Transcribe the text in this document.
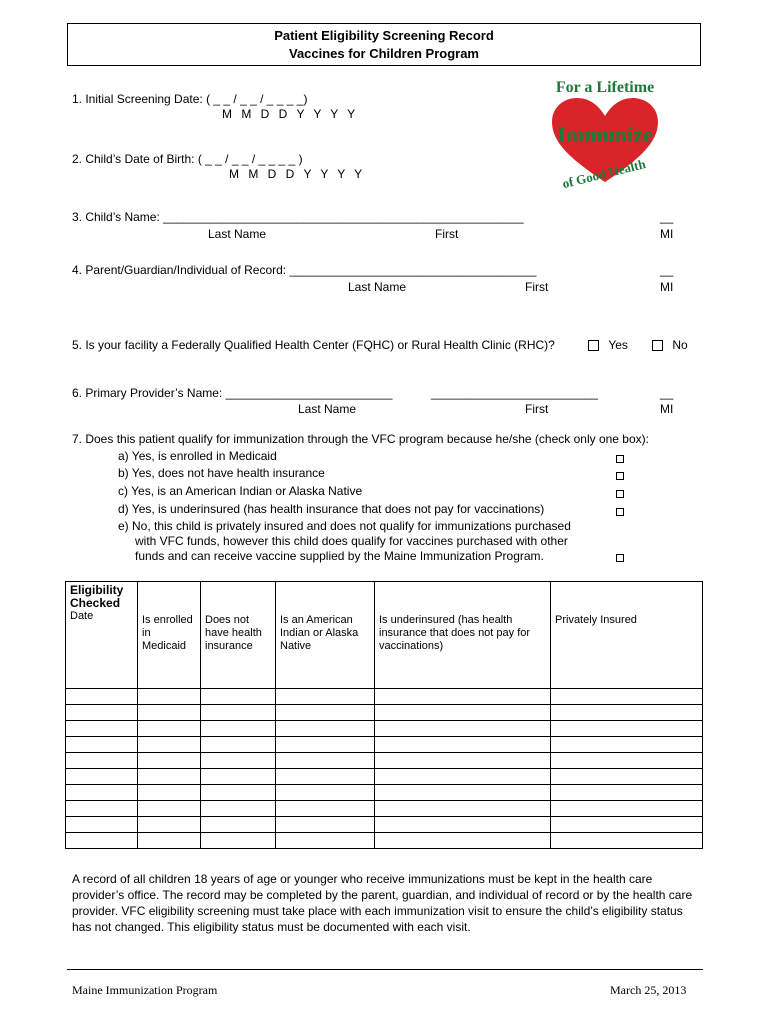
Patient Eligibility Screening Record
Vaccines for Children Program
Immunize
For a Lifetime
of Good Health
1. Initial Screening Date: ( _ _ / _ _ / _ _ _ _)
M M D D Y Y Y Y
2. Child’s Date of Birth: ( _ _ / _ _ / _ _ _ _ )
M M D D Y Y Y Y
3. Child’s Name: ______________________________________________________	__
Last Name	First	MI
4. Parent/Guardian/Individual of Record: _____________________________________	__
Last Name	First	MI
5. Is your facility a Federally Qualified Health Center (FQHC) or Rural Health Clinic (RHC)?	Yes	No
6. Primary Provider’s Name: _________________________	_________________________	__
Last Name	First	MI
7. Does this patient qualify for immunization through the VFC program because he/she (check only one box):
a) Yes, is enrolled in Medicaid
b) Yes, does not have health insurance
c) Yes, is an American Indian or Alaska Native
d) Yes, is underinsured (has health insurance that does not pay for vaccinations)
e) No, this child is privately insured and does not qualify for immunizations purchased
with VFC funds, however this child does qualify for vaccines purchased with other
funds and can receive vaccine supplied by the Maine Immunization Program.
Eligibility Checked
Date	Is enrolled in Medicaid	Does not have health insurance	Is an American Indian or Alaska Native	Is underinsured (has health insurance that does not pay for vaccinations)	Privately Insured

A record of all children 18 years of age or younger who receive immunizations must be kept in the health care provider’s office. The record may be completed by the parent, guardian, and individual of record or by the health care provider. VFC eligibility screening must take place with each immunization visit to ensure the child’s eligibility status has not changed. This eligibility status must be documented with each visit.
Maine Immunization Program	March 25, 2013
